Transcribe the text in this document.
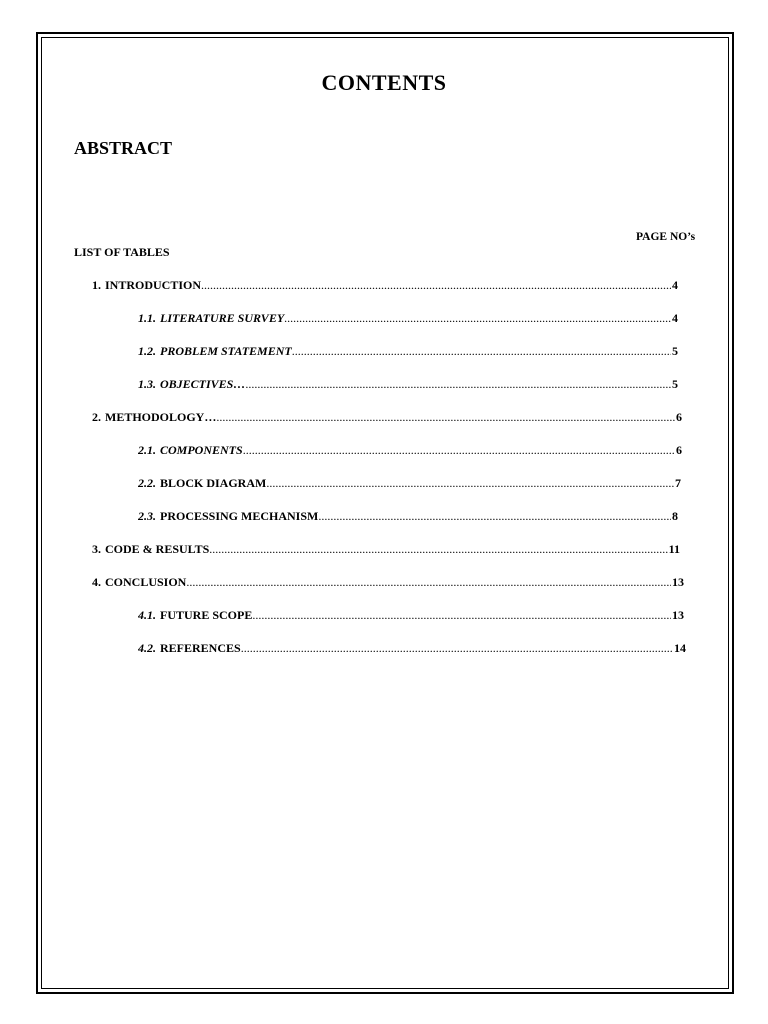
CONTENTS
ABSTRACT
PAGE NO’s
LIST OF TABLES
1. INTRODUCTION .....	4
1.1. LITERATURE SURVEY .....	4
1.2. PROBLEM STATEMENT .....	5
1.3. OBJECTIVES… .....	5
2. METHODOLOGY… .....	6
2.1. COMPONENTS .....	6
2.2. BLOCK DIAGRAM .....	7
2.3. PROCESSING MECHANISM .....	8
3. CODE & RESULTS .....	11
4. CONCLUSION .....	13
4.1. FUTURE SCOPE .....	13
4.2. REFERENCES .....	14
